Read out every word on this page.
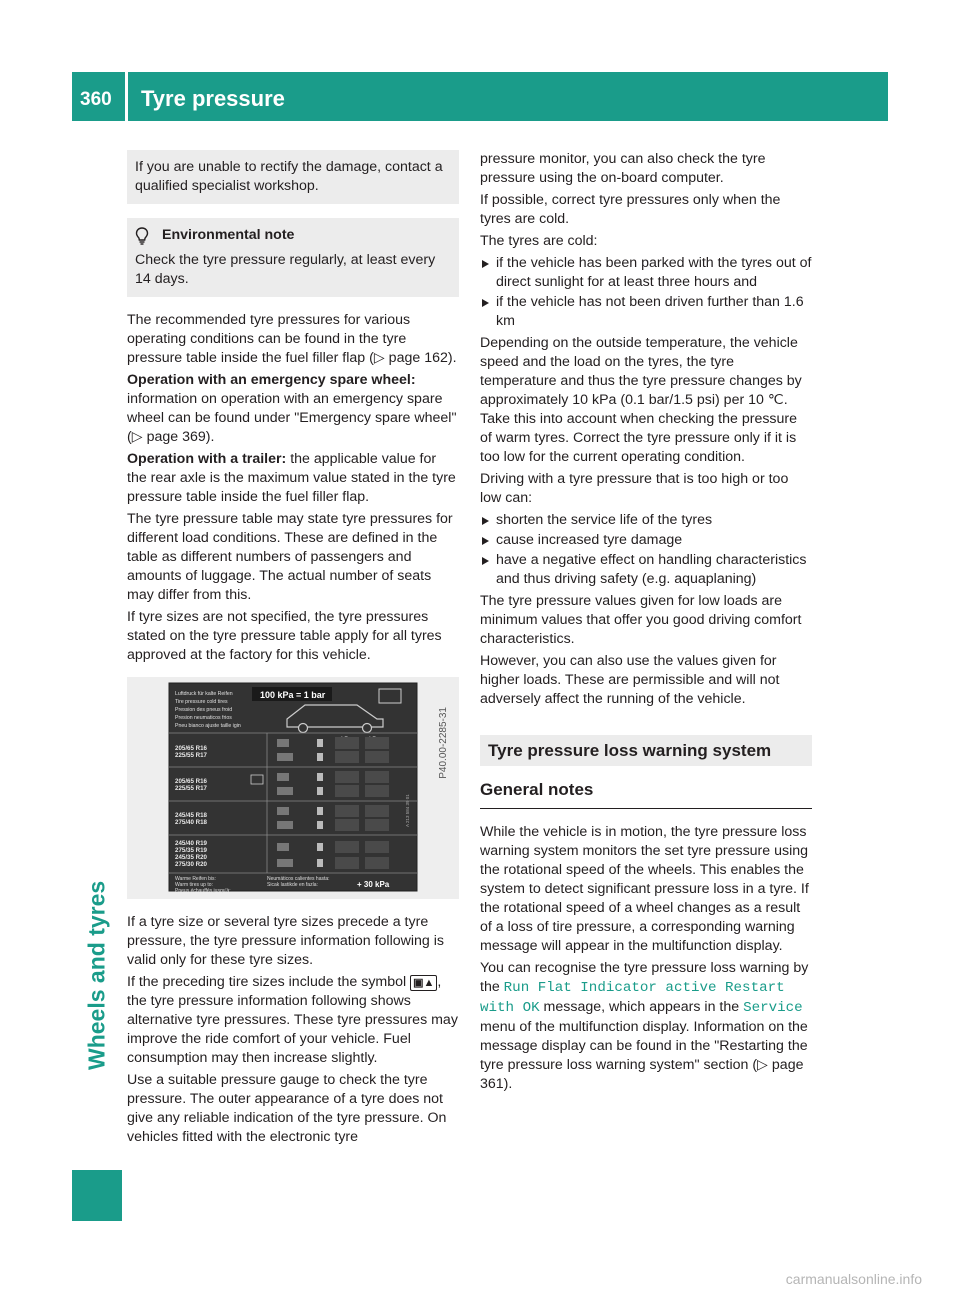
360 Tyre pressure
Wheels and tyres

If you are unable to rectify the damage, contact a qualified specialist workshop.

Environmental note

Check the tyre pressure regularly, at least every 14 days.

The recommended tyre pressures for various operating conditions can be found in the tyre pressure table inside the fuel filler flap (▷ page 162).

Operation with an emergency spare wheel:
information on operation with an emergency spare wheel can be found under "Emergency spare wheel" (▷ page 369).

Operation with a trailer: the applicable value for the rear axle is the maximum value stated in the tyre pressure table inside the fuel filler flap.

The tyre pressure table may state tyre pressures for different load conditions. These are defined in the table as different numbers of passengers and amounts of luggage. The actual number of seats may differ from this.

If tyre sizes are not specified, the tyre pressures stated on the tyre pressure table apply for all tyres approved at the factory for this vehicle.

Luftdruck für kalte Reifen
Tire pressure cold tires
Pression des pneus froid
Presion neumaticos frios
Pneu bianco ajuste taille igin
100 kPa = 1 bar
205/65 R16
225/55 R17
205/65 R16
225/55 R17
245/45 R18
275/40 R18
245/40 R19
275/35 R19
245/35 R20
275/30 R20
Warme Reifen bis:
Warm tires up to:
Pneus échauffés jusqu'à:
Neumáticos calientes hasta:
Sicak lastikde en fazla:	+ 30 kPa
A 213 584 39 01
P40.00-2285-31

If a tyre size or several tyre sizes precede a tyre pressure, the tyre pressure information following is valid only for these tyre sizes.

If the preceding tire sizes include the symbol ▣▲ , the tyre pressure information following shows alternative tyre pressures. These tyre pressures may improve the ride comfort of your vehicle. Fuel consumption may then increase slightly.

Use a suitable pressure gauge to check the tyre pressure. The outer appearance of a tyre does not give any reliable indication of the tyre pressure. On vehicles fitted with the electronic tyre

pressure monitor, you can also check the tyre pressure using the on-board computer.

If possible, correct tyre pressures only when the tyres are cold.

The tyres are cold:

if the vehicle has been parked with the tyres out of direct sunlight for at least three hours and
if the vehicle has not been driven further than 1.6 km

Depending on the outside temperature, the vehicle speed and the load on the tyres, the tyre temperature and thus the tyre pressure changes by approximately 10 kPa (0.1 bar/1.5 psi) per 10 ℃. Take this into account when checking the pressure of warm tyres. Correct the tyre pressure only if it is too low for the current operating condition.

Driving with a tyre pressure that is too high or too low can:

shorten the service life of the tyres
cause increased tyre damage
have a negative effect on handling characteristics and thus driving safety (e.g. aquaplaning)

The tyre pressure values given for low loads are minimum values that offer you good driving comfort characteristics.

However, you can also use the values given for higher loads. These are permissible and will not adversely affect the running of the vehicle.

Tyre pressure loss warning system
General notes

While the vehicle is in motion, the tyre pressure loss warning system monitors the set tyre pressure using the rotational speed of the wheels. This enables the system to detect significant pressure loss in a tyre. If the rotational speed of a wheel changes as a result of a loss of tire pressure, a corresponding warning message will appear in the multifunction display.

You can recognise the tyre pressure loss warning by the Run Flat Indicator active Restart with OK message, which appears in the Service menu of the multifunction display. Information on the message display can be found in the "Restarting the tyre pressure loss warning system" section (▷ page 361).

carmanualsonline.info
